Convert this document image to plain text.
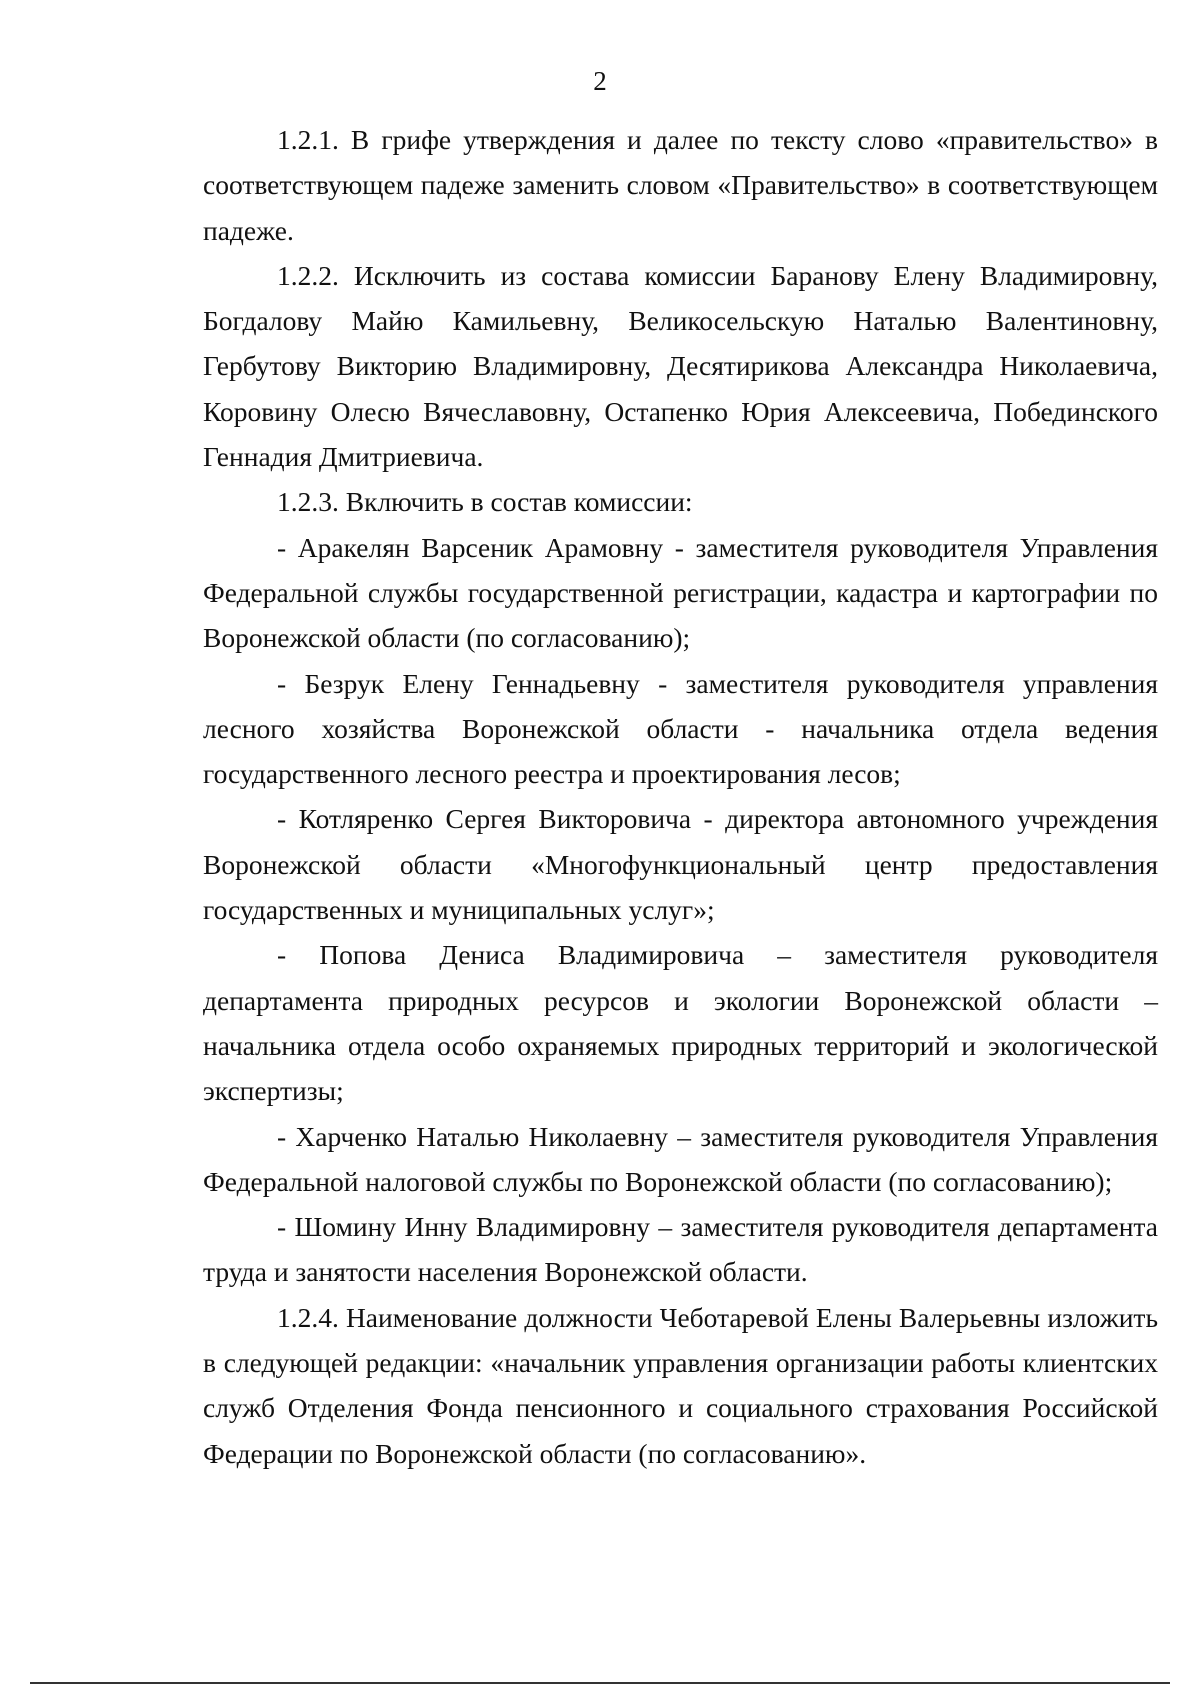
2

1.2.1. В грифе утверждения и далее по тексту слово «правительство» в соответствующем падеже заменить словом «Правительство» в соответствующем падеже.

1.2.2. Исключить из состава комиссии Баранову Елену Владимировну, Богдалову Майю Камильевну, Великосельскую Наталью Валентиновну, Гербутову Викторию Владимировну, Десятирикова Александра Николаевича, Коровину Олесю Вячеславовну, Остапенко Юрия Алексеевича, Побединского Геннадия Дмитриевича.

1.2.3. Включить в состав комиссии:

- Аракелян Варсеник Арамовну - заместителя руководителя Управления Федеральной службы государственной регистрации, кадастра и картографии по Воронежской области (по согласованию);

- Безрук Елену Геннадьевну - заместителя руководителя управления лесного хозяйства Воронежской области - начальника отдела ведения государственного лесного реестра и проектирования лесов;

- Котляренко Сергея Викторовича - директора автономного учреждения Воронежской области «Многофункциональный центр предоставления государственных и муниципальных услуг»;

- Попова Дениса Владимировича – заместителя руководителя департамента природных ресурсов и экологии Воронежской области – начальника отдела особо охраняемых природных территорий и экологической экспертизы;

- Харченко Наталью Николаевну – заместителя руководителя Управления Федеральной налоговой службы по Воронежской области (по согласованию);

- Шомину Инну Владимировну – заместителя руководителя департамента труда и занятости населения Воронежской области.

1.2.4. Наименование должности Чеботаревой Елены Валерьевны изложить в следующей редакции: «начальник управления организации работы клиентских служб Отделения Фонда пенсионного и социального страхования Российской Федерации по Воронежской области (по согласованию».
